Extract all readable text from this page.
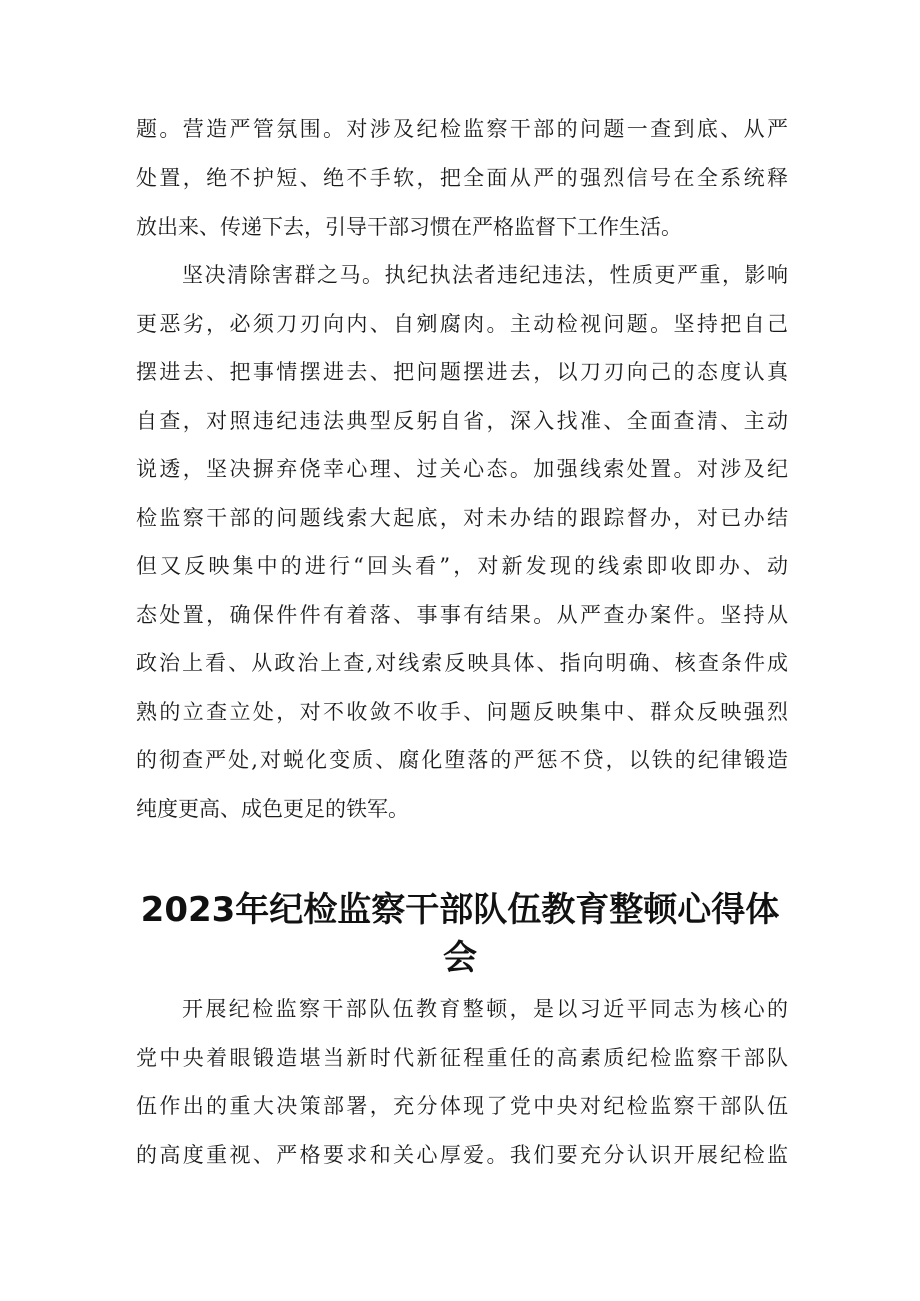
题。营造严管氛围。对涉及纪检监察干部的问题一查到底、从严

处置，绝不护短、绝不手软，把全面从严的强烈信号在全系统释

放出来、传递下去，引导干部习惯在严格监督下工作生活。

坚决清除害群之马。执纪执法者违纪违法，性质更严重，影响

更恶劣，必须刀刃向内、自剜腐肉。主动检视问题。坚持把自己

摆进去、把事情摆进去、把问题摆进去，以刀刃向己的态度认真

自查，对照违纪违法典型反躬自省，深入找准、全面查清、主动

说透，坚决摒弃侥幸心理、过关心态。加强线索处置。对涉及纪

检监察干部的问题线索大起底，对未办结的跟踪督办，对已办结

但又反映集中的进行“回头看”，对新发现的线索即收即办、动

态处置，确保件件有着落、事事有结果。从严查办案件。坚持从

政治上看、从政治上查,对线索反映具体、指向明确、核查条件成

熟的立查立处，对不收敛不收手、问题反映集中、群众反映强烈

的彻查严处,对蜕化变质、腐化堕落的严惩不贷，以铁的纪律锻造

纯度更高、成色更足的铁军。

2023年纪检监察干部队伍教育整顿心得体
会

开展纪检监察干部队伍教育整顿，是以习近平同志为核心的

党中央着眼锻造堪当新时代新征程重任的高素质纪检监察干部队

伍作出的重大决策部署，充分体现了党中央对纪检监察干部队伍

的高度重视、严格要求和关心厚爱。我们要充分认识开展纪检监
